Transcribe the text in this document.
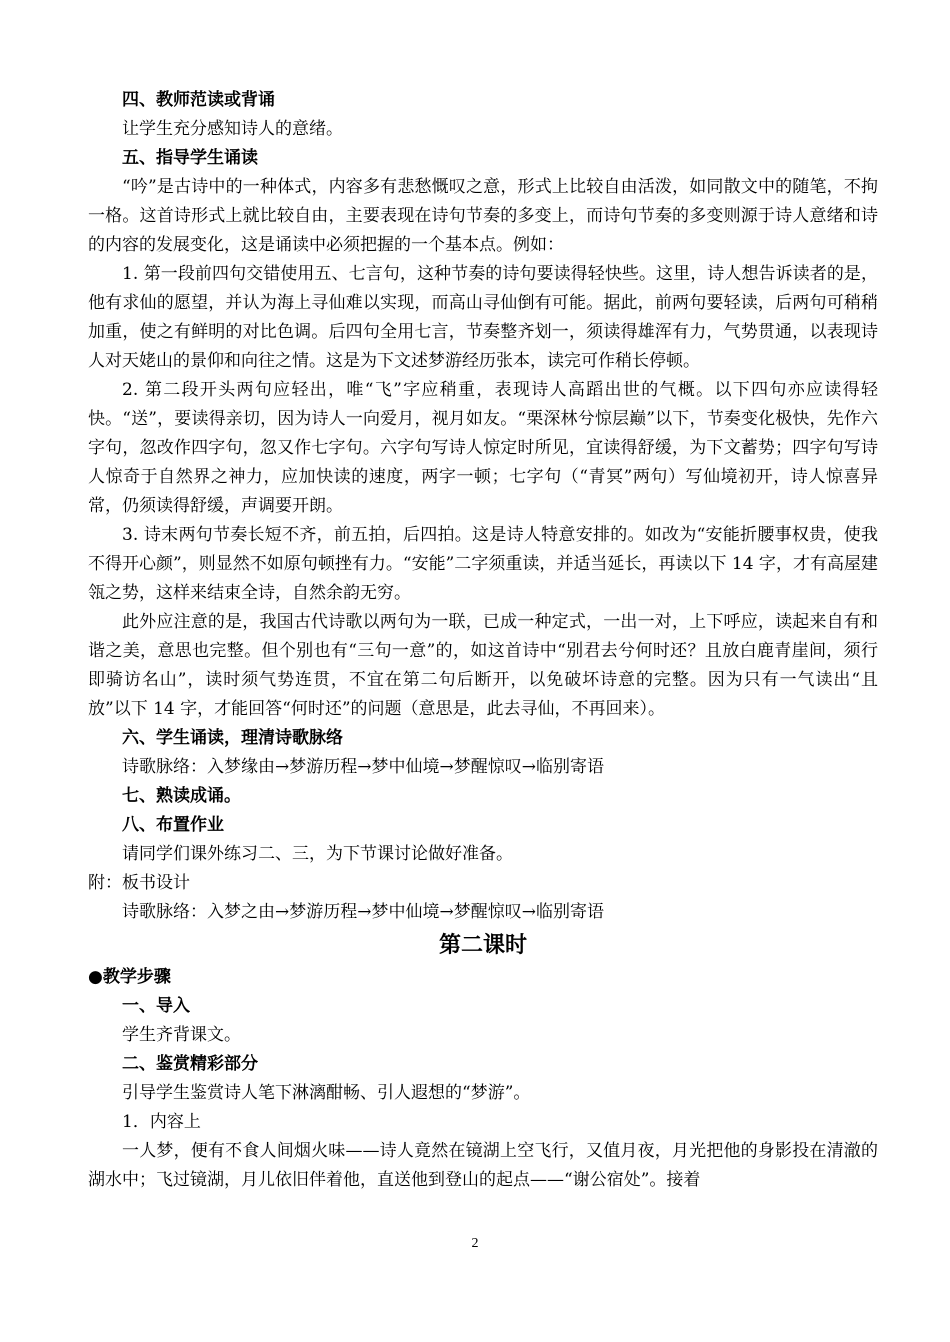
四、教师范读或背诵

让学生充分感知诗人的意绪。

五、指导学生诵读

“吟”是古诗中的一种体式，内容多有悲愁慨叹之意，形式上比较自由活泼，如同散文中的随笔，不拘一格。这首诗形式上就比较自由，主要表现在诗句节奏的多变上，而诗句节奏的多变则源于诗人意绪和诗的内容的发展变化，这是诵读中必须把握的一个基本点。例如：

1. 第一段前四句交错使用五、七言句，这种节奏的诗句要读得轻快些。这里，诗人想告诉读者的是，他有求仙的愿望，并认为海上寻仙难以实现，而高山寻仙倒有可能。据此，前两句要轻读，后两句可稍稍加重，使之有鲜明的对比色调。后四句全用七言，节奏整齐划一，须读得雄浑有力，气势贯通，以表现诗人对天姥山的景仰和向往之情。这是为下文述梦游经历张本，读完可作稍长停顿。

2. 第二段开头两句应轻出，唯“飞”字应稍重，表现诗人高蹈出世的气概。以下四句亦应读得轻快。“送”，要读得亲切，因为诗人一向爱月，视月如友。“栗深林兮惊层巅”以下，节奏变化极快，先作六字句，忽改作四字句，忽又作七字句。六字句写诗人惊定时所见，宜读得舒缓，为下文蓄势；四字句写诗人惊奇于自然界之神力，应加快读的速度，两字一顿；七字句（“青冥”两句）写仙境初开，诗人惊喜异常，仍须读得舒缓，声调要开朗。

3. 诗末两句节奏长短不齐，前五拍，后四拍。这是诗人特意安排的。如改为“安能折腰事权贵，使我不得开心颜”，则显然不如原句顿挫有力。“安能”二字须重读，并适当延长，再读以下 14 字，才有高屋建瓴之势，这样来结束全诗，自然余韵无穷。

此外应注意的是，我国古代诗歌以两句为一联，已成一种定式，一出一对，上下呼应，读起来自有和谐之美，意思也完整。但个别也有“三句一意”的，如这首诗中“别君去兮何时还？且放白鹿青崖间，须行即骑访名山”，读时须气势连贯，不宜在第二句后断开，以免破坏诗意的完整。因为只有一气读出“且放”以下 14 字，才能回答“何时还”的问题（意思是，此去寻仙，不再回来）。

六、学生诵读，理清诗歌脉络

诗歌脉络：入梦缘由→梦游历程→梦中仙境→梦醒惊叹→临别寄语

七、熟读成诵。

八、布置作业

请同学们课外练习二、三，为下节课讨论做好准备。

附：板书设计

诗歌脉络：入梦之由→梦游历程→梦中仙境→梦醒惊叹→临别寄语

第二课时

●教学步骤

一、导入

学生齐背课文。

二、鉴赏精彩部分

引导学生鉴赏诗人笔下淋漓酣畅、引人遐想的“梦游”。

1．内容上

一人梦，便有不食人间烟火味——诗人竟然在镜湖上空飞行，又值月夜，月光把他的身影投在清澈的湖水中；飞过镜湖，月儿依旧伴着他，直送他到登山的起点——“谢公宿处”。接着

2
